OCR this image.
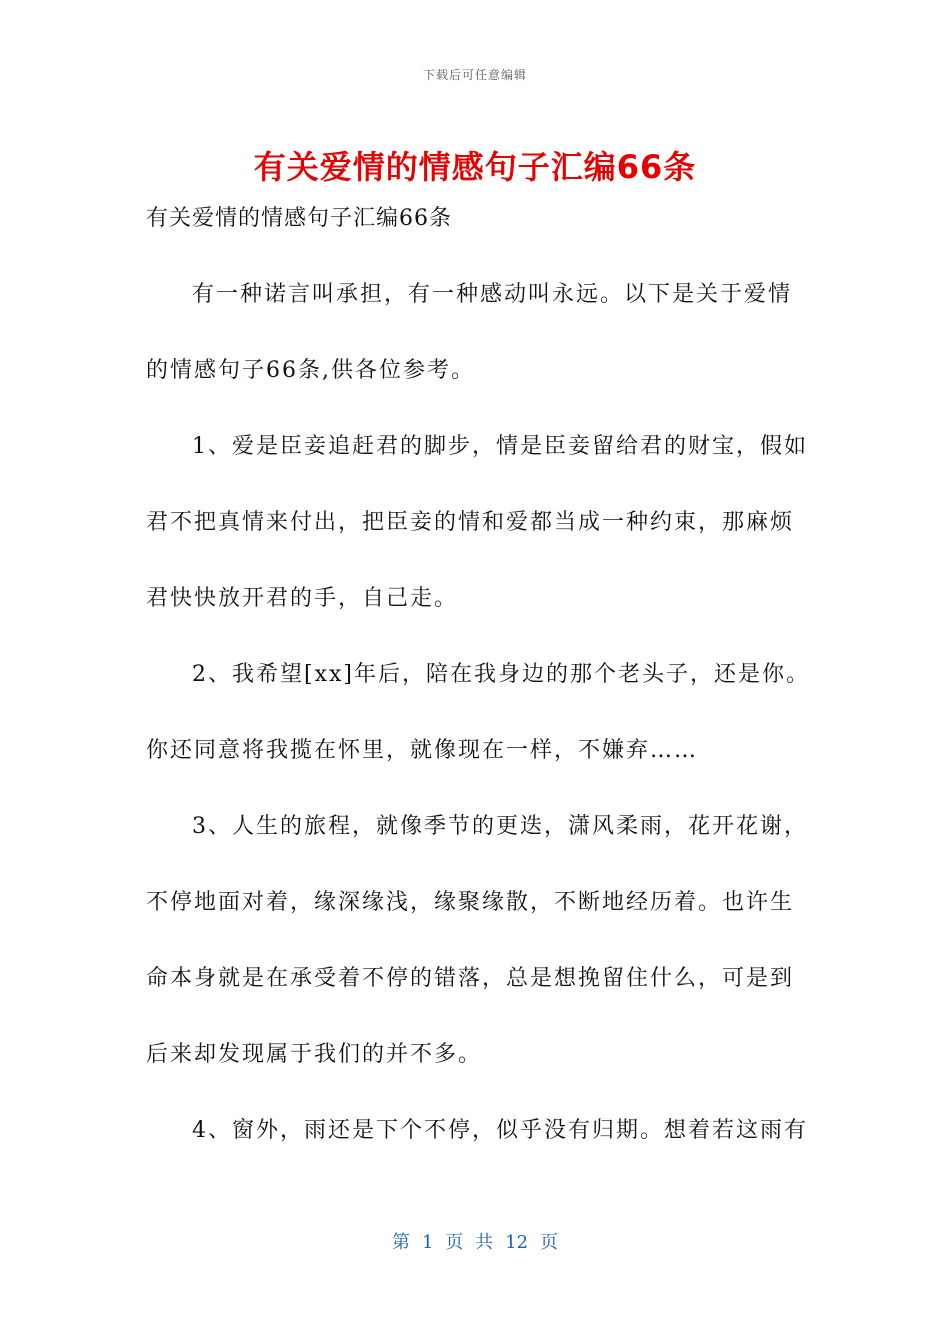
下载后可任意编辑
有关爱情的情感句子汇编66条

有关爱情的情感句子汇编66条

有一种诺言叫承担，有一种感动叫永远。以下是关于爱情
的情感句子66条,供各位参考。

1、爱是臣妾追赶君的脚步，情是臣妾留给君的财宝，假如
君不把真情来付出，把臣妾的情和爱都当成一种约束，那麻烦
君快快放开君的手，自己走。

2、我希望[xx]年后，陪在我身边的那个老头子，还是你。
你还同意将我揽在怀里，就像现在一样，不嫌弃……

3、人生的旅程，就像季节的更迭，潇风柔雨，花开花谢，
不停地面对着，缘深缘浅，缘聚缘散，不断地经历着。也许生
命本身就是在承受着不停的错落，总是想挽留住什么，可是到
后来却发现属于我们的并不多。

4、窗外，雨还是下个不停，似乎没有归期。想着若这雨有

第 1 页 共 12 页
